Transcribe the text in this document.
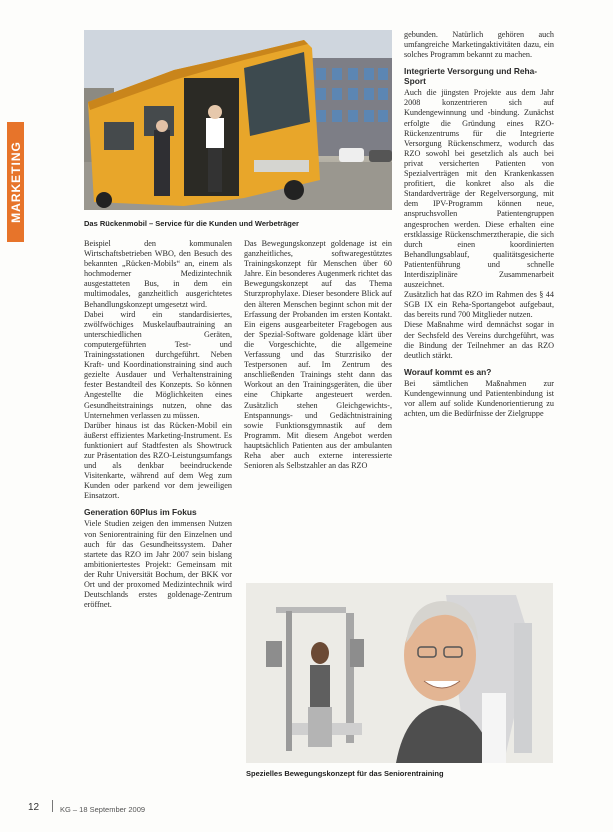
MARKETING
Das Rückenmobil – Service für die Kunden und Werbeträger

Beispiel den kommunalen Wirtschaftsbetrieben WBO, den Besuch des bekannten „Rücken-Mobils“ an, einem als hochmoderner Medizintechnik ausgestatteten Bus, in dem ein multimodales, ganzheitlich ausgerichtetes Behandlungskonzept umgesetzt wird.

Dabei wird ein standardisiertes, zwölfwöchiges Muskelaufbautraining an unterschiedlichen Geräten, computergeführten Test- und Trainingsstationen durchgeführt. Neben Kraft- und Koordinationstraining sind auch gezielte Ausdauer und Verhaltenstraining fester Bestandteil des Konzepts. So können Angestellte die Möglichkeiten eines Gesundheitstrainings nutzen, ohne das Unternehmen verlassen zu müssen.

Darüber hinaus ist das Rücken-Mobil ein äußerst effizientes Marketing-Instrument. Es funktioniert auf Stadtfesten als Showtruck zur Präsentation des RZO-Leistungsumfangs und als denkbar beeindruckende Visitenkarte, während auf dem Weg zum Kunden oder parkend vor dem jeweiligen Einsatzort.

Generation 60Plus im Fokus

Viele Studien zeigen den immensen Nutzen von Seniorentraining für den Einzelnen und auch für das Gesundheitssystem. Daher startete das RZO im Jahr 2007 sein bislang ambitioniertestes Projekt: Gemeinsam mit der Ruhr Universität Bochum, der BKK vor Ort und der proxomed Medizintechnik wird Deutschlands erstes goldenage-Zentrum eröffnet.

Das Bewegungskonzept goldenage ist ein ganzheitliches, softwaregestütztes Trainingskonzept für Menschen über 60 Jahre. Ein besonderes Augenmerk richtet das Bewegungskonzept auf das Thema Sturzprophylaxe. Dieser besondere Blick auf den älteren Menschen beginnt schon mit der Erfassung der Probanden im ersten Kontakt. Ein eigens ausgearbeiteter Fragebogen aus der Spezial-Software goldenage klärt über die Vorgeschichte, die allgemeine Verfassung und das Sturzrisiko der Testpersonen auf. Im Zentrum des anschließenden Trainings steht dann das Workout an den Trainingsgeräten, die über eine Chipkarte angesteuert werden. Zusätzlich stehen Gleichgewichts-, Entspannungs- und Gedächtnistraining sowie Funktionsgymnastik auf dem Programm. Mit diesem Angebot werden hauptsächlich Patienten aus der ambulanten Reha aber auch externe interessierte Senioren als Selbstzahler an das RZO

gebunden. Natürlich gehören auch umfangreiche Marketingaktivitäten dazu, ein solches Programm bekannt zu machen.

Integrierte Versorgung und Reha-Sport

Auch die jüngsten Projekte aus dem Jahr 2008 konzentrieren sich auf Kundengewinnung und -bindung. Zunächst erfolgte die Gründung eines RZO-Rückenzentrums für die Integrierte Versorgung Rückenschmerz, wodurch das RZO sowohl bei gesetzlich als auch bei privat versicherten Patienten von Spezialverträgen mit den Krankenkassen profitiert, die konkret also als die Standardverträge der Regelversorgung, mit dem IPV-Programm können neue, anspruchsvollen Patientengruppen angesprochen werden. Diese erhalten eine erstklassige Rückenschmerztherapie, die sich durch einen koordinierten Behandlungsablauf, qualitätsgesicherte Patientenführung und schnelle Interdisziplinäre Zusammenarbeit auszeichnet.

Zusätzlich hat das RZO im Rahmen des § 44 SGB IX ein Reha-Sportangebot aufgebaut, das bereits rund 700 Mitglieder nutzen.

Diese Maßnahme wird demnächst sogar in der Sechsfeld des Vereins durchgeführt, was die Bindung der Teilnehmer an das RZO deutlich stärkt.

Worauf kommt es an?

Bei sämtlichen Maßnahmen zur Kundengewinnung und Patientenbindung ist vor allem auf solide Kundenorientierung zu achten, um die Bedürfnisse der Zielgruppe

Spezielles Bewegungskonzept für das Seniorentraining
12	KG – 18 September 2009
